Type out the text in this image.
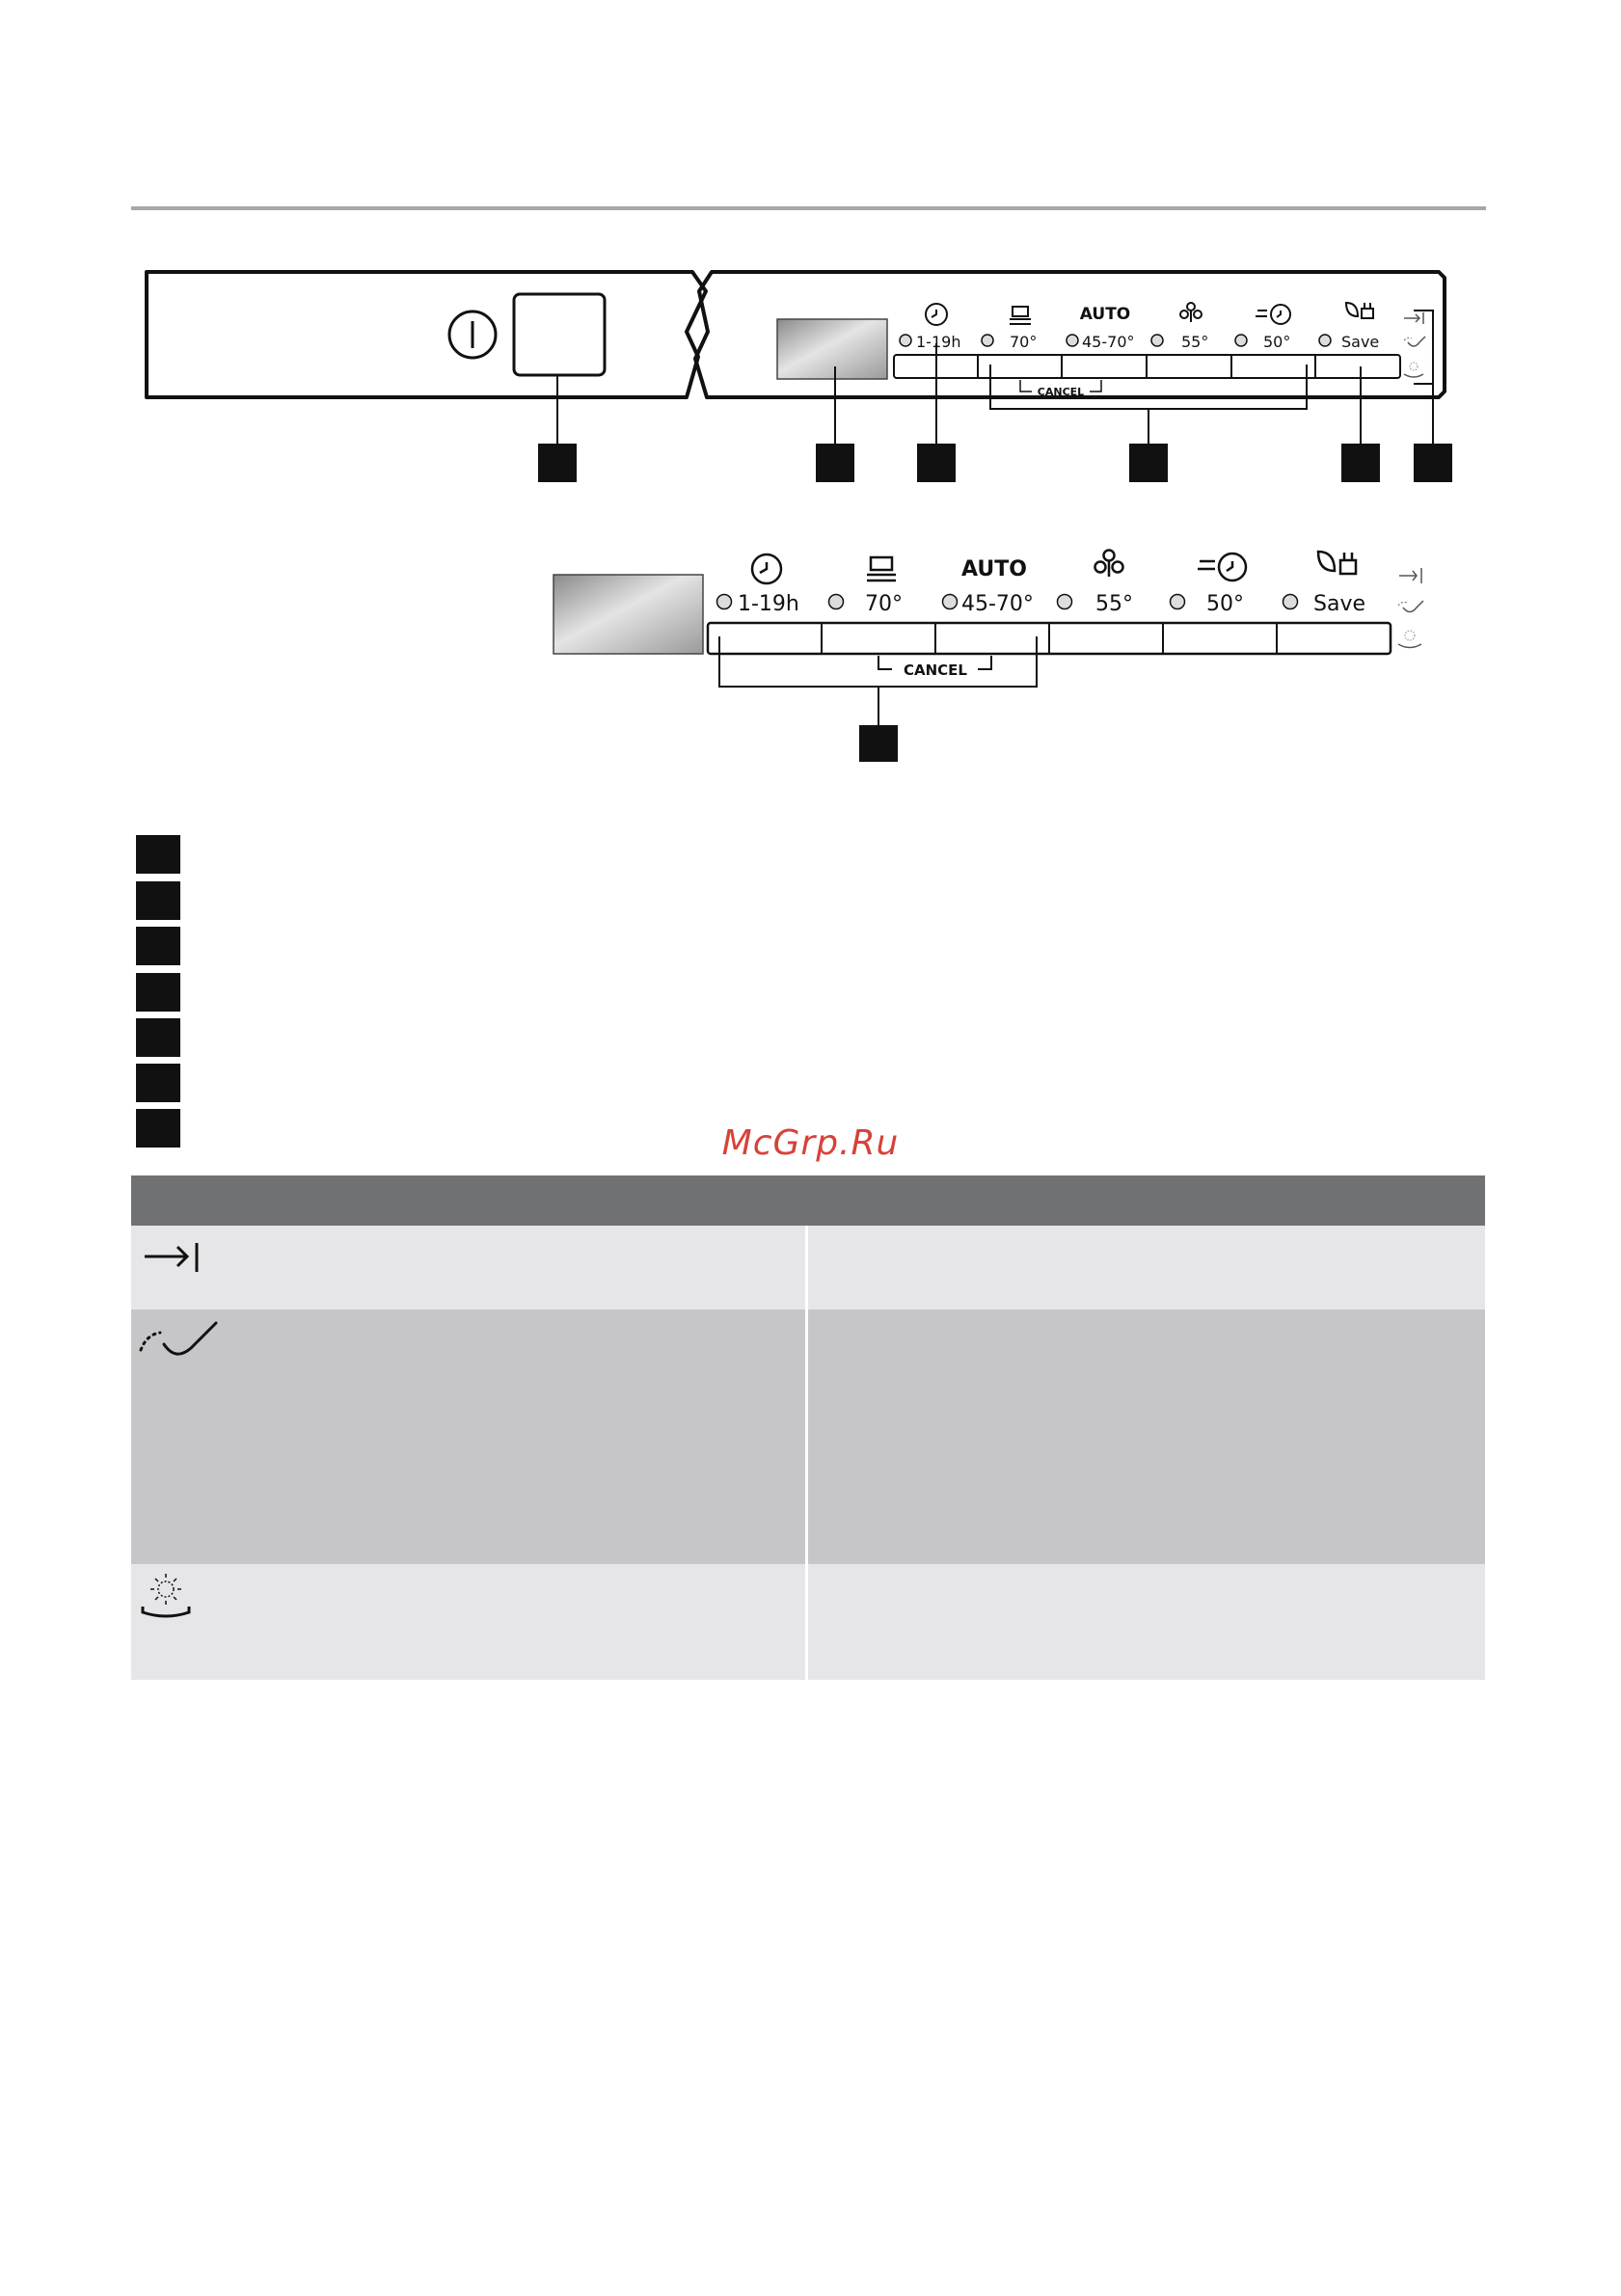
AUTO
1-19h	70°	45-70°	55°	50°	Save
CANCEL
AUTO
1-19h	70°	45-70°	55°	50°	Save
CANCEL
McGrp.Ru
